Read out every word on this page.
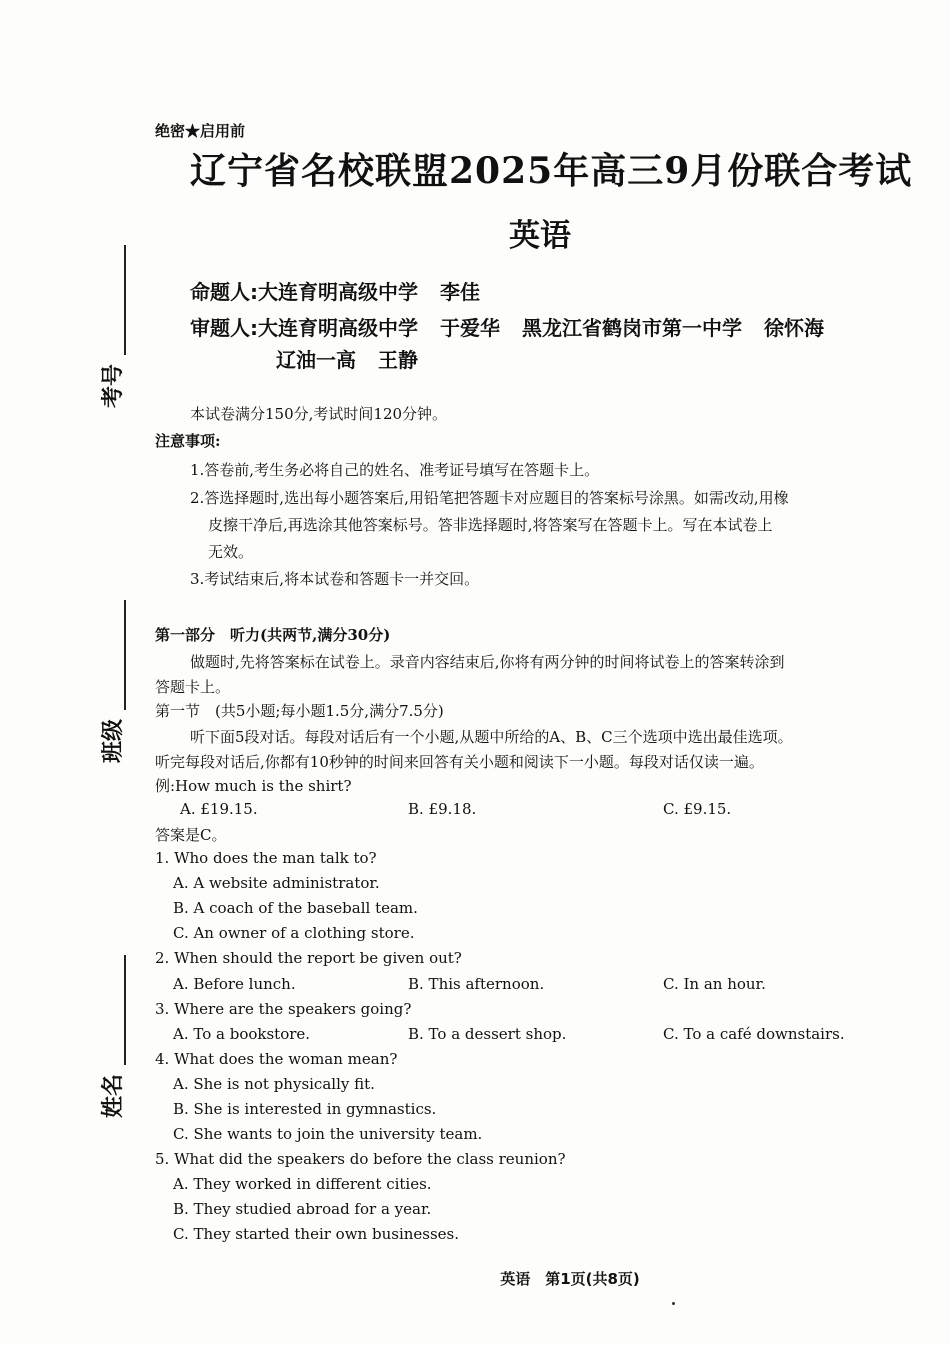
考号
班级
姓名
绝密★启用前
辽宁省名校联盟2025年高三9月份联合考试
英语
命题人:大连育明高级中学 李佳
审题人:大连育明高级中学 于爱华 黑龙江省鹤岗市第一中学 徐怀海
辽油一高 王静
本试卷满分150分,考试时间120分钟。
注意事项:
1.答卷前,考生务必将自己的姓名、准考证号填写在答题卡上。
2.答选择题时,选出每小题答案后,用铅笔把答题卡对应题目的答案标号涂黑。如需改动,用橡
皮擦干净后,再选涂其他答案标号。答非选择题时,将答案写在答题卡上。写在本试卷上
无效。
3.考试结束后,将本试卷和答题卡一并交回。
第一部分　听力(共两节,满分30分)
做题时,先将答案标在试卷上。录音内容结束后,你将有两分钟的时间将试卷上的答案转涂到
答题卡上。
第一节　(共5小题;每小题1.5分,满分7.5分)
听下面5段对话。每段对话后有一个小题,从题中所给的A、B、C三个选项中选出最佳选项。
听完每段对话后,你都有10秒钟的时间来回答有关小题和阅读下一小题。每段对话仅读一遍。
例:How much is the shirt?
A. £19.15.	B. £9.18.	C. £9.15.
答案是C。
1. Who does the man talk to?
A. A website administrator.
B. A coach of the baseball team.
C. An owner of a clothing store.
2. When should the report be given out?
A. Before lunch.	B. This afternoon.	C. In an hour.
3. Where are the speakers going?
A. To a bookstore.	B. To a dessert shop.	C. To a café downstairs.
4. What does the woman mean?
A. She is not physically fit.
B. She is interested in gymnastics.
C. She wants to join the university team.
5. What did the speakers do before the class reunion?
A. They worked in different cities.
B. They studied abroad for a year.
C. They started their own businesses.
英语　第1页(共8页)
